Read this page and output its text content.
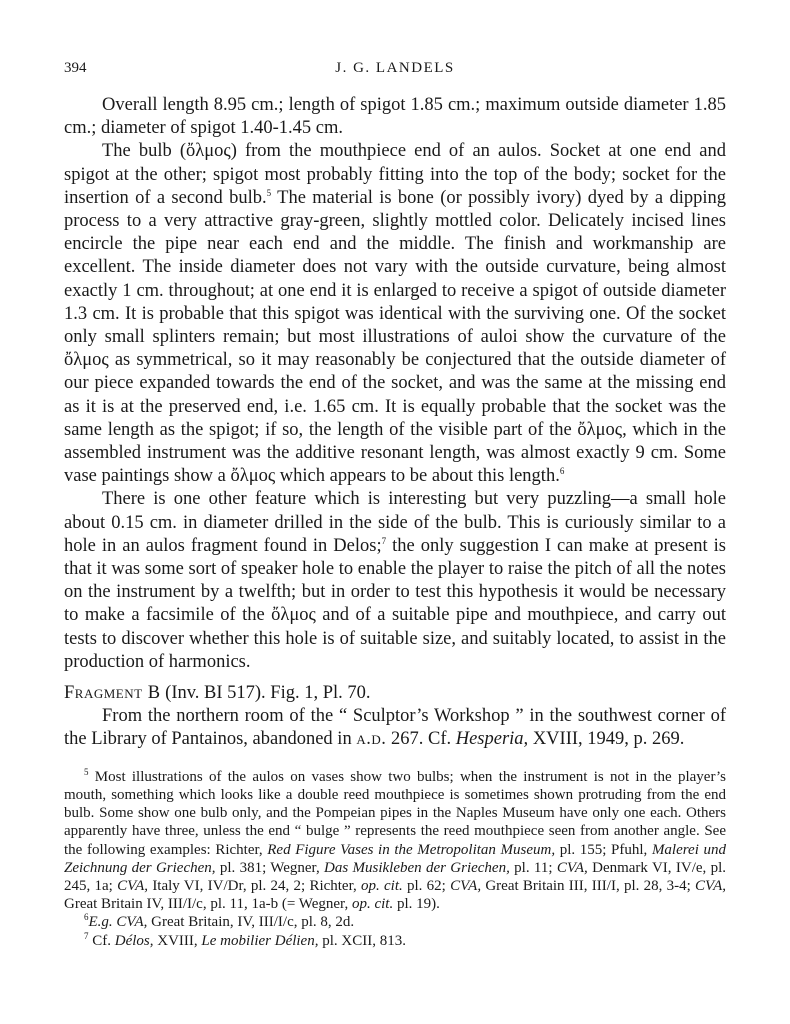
394	J. G. LANDELS

Overall length 8.95 cm.; length of spigot 1.85 cm.; maximum outside diameter 1.85 cm.; diameter of spigot 1.40-1.45 cm.

The bulb (ὄλμος) from the mouthpiece end of an aulos. Socket at one end and spigot at the other; spigot most probably fitting into the top of the body; socket for the insertion of a second bulb.$^5$ The material is bone (or possibly ivory) dyed by a dipping process to a very attractive gray-green, slightly mottled color. Delicately incised lines encircle the pipe near each end and the middle. The finish and workmanship are excellent. The inside diameter does not vary with the outside curvature, being almost exactly 1 cm. throughout; at one end it is enlarged to receive a spigot of outside diameter 1.3 cm. It is probable that this spigot was identical with the surviving one. Of the socket only small splinters remain; but most illustrations of auloi show the curvature of the ὄλμος as symmetrical, so it may reasonably be conjectured that the outside diameter of our piece expanded towards the end of the socket, and was the same at the missing end as it is at the preserved end, i.e. 1.65 cm. It is equally probable that the socket was the same length as the spigot; if so, the length of the visible part of the ὄλμος, which in the assembled instrument was the additive resonant length, was almost exactly 9 cm. Some vase paintings show a ὄλμος which appears to be about this length.$^6$

There is one other feature which is interesting but very puzzling—a small hole about 0.15 cm. in diameter drilled in the side of the bulb. This is curiously similar to a hole in an aulos fragment found in Delos;$^7$ the only suggestion I can make at present is that it was some sort of speaker hole to enable the player to raise the pitch of all the notes on the instrument by a twelfth; but in order to test this hypothesis it would be necessary to make a facsimile of the ὄλμος and of a suitable pipe and mouthpiece, and carry out tests to discover whether this hole is of suitable size, and suitably located, to assist in the production of harmonics.

Fragment B (Inv. BI 517). Fig. 1, Pl. 70.

From the northern room of the “ Sculptor’s Workshop ” in the southwest corner of the Library of Pantainos, abandoned in a.d. 267. Cf. Hesperia, XVIII, 1949, p. 269.

$^5$ Most illustrations of the aulos on vases show two bulbs; when the instrument is not in the player’s mouth, something which looks like a double reed mouthpiece is sometimes shown protruding from the end bulb. Some show one bulb only, and the Pompeian pipes in the Naples Museum have only one each. Others apparently have three, unless the end “ bulge ” represents the reed mouthpiece seen from another angle. See the following examples: Richter, Red Figure Vases in the Metropolitan Museum, pl. 155; Pfuhl, Malerei und Zeichnung der Griechen, pl. 381; Wegner, Das Musikleben der Griechen, pl. 11; CVA, Denmark VI, IV/e, pl. 245, 1a; CVA, Italy VI, IV/Dr, pl. 24, 2; Richter, op. cit. pl. 62; CVA, Great Britain III, III/I, pl. 28, 3-4; CVA, Great Britain IV, III/I/c, pl. 11, 1a-b (= Wegner, op. cit. pl. 19).

$^6$E.g. CVA, Great Britain, IV, III/I/c, pl. 8, 2d.

$^7$ Cf. Délos, XVIII, Le mobilier Délien, pl. XCII, 813.
